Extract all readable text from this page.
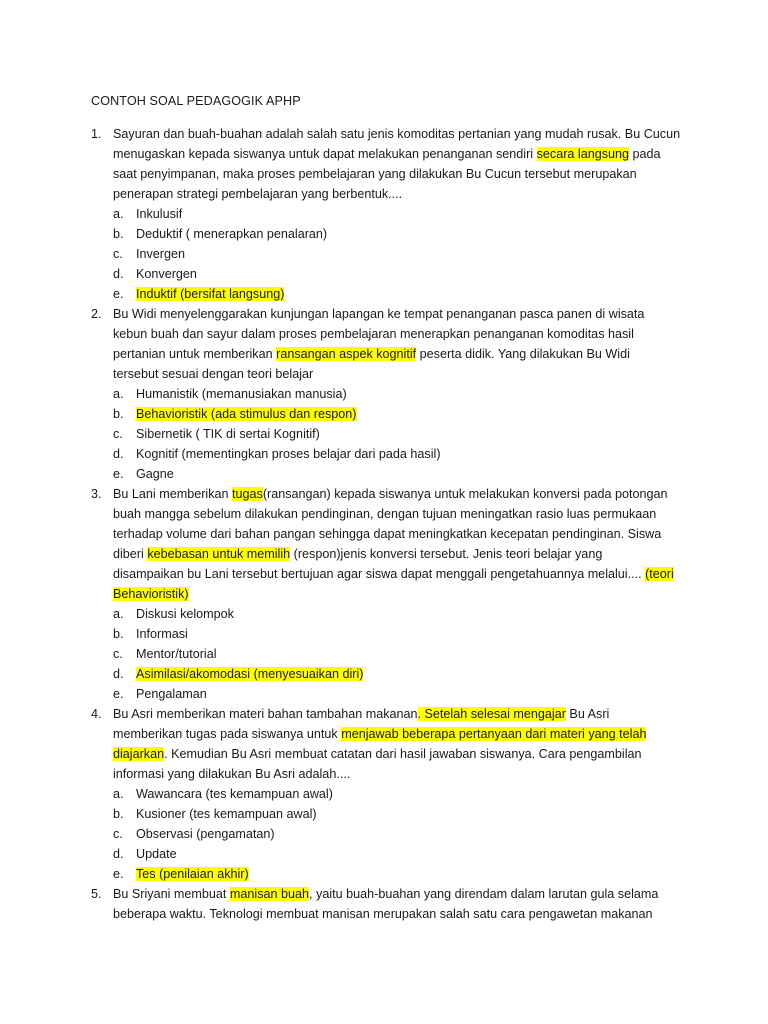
CONTOH SOAL PEDAGOGIK APHP
1. Sayuran dan buah-buahan adalah salah satu jenis komoditas pertanian yang mudah rusak. Bu Cucun
menugaskan kepada siswanya untuk dapat melakukan penanganan sendiri secara langsung pada
saat penyimpanan, maka proses pembelajaran yang dilakukan Bu Cucun tersebut merupakan
penerapan strategi pembelajaran yang berbentuk....
a. Inkulusif
b. Deduktif ( menerapkan penalaran)
c. Invergen
d. Konvergen
e. Induktif (bersifat langsung)
2. Bu Widi menyelenggarakan kunjungan lapangan ke tempat penanganan pasca panen di wisata
kebun buah dan sayur dalam proses pembelajaran menerapkan penanganan komoditas hasil
pertanian untuk memberikan ransangan aspek kognitif peserta didik. Yang dilakukan Bu Widi
tersebut sesuai dengan teori belajar
a. Humanistik (memanusiakan manusia)
b. Behavioristik (ada stimulus dan respon)
c. Sibernetik ( TIK di sertai Kognitif)
d. Kognitif (mementingkan proses belajar dari pada hasil)
e. Gagne
3. Bu Lani memberikan tugas(ransangan) kepada siswanya untuk melakukan konversi pada potongan
buah mangga sebelum dilakukan pendinginan, dengan tujuan meningatkan rasio luas permukaan
terhadap volume dari bahan pangan sehingga dapat meningkatkan kecepatan pendinginan. Siswa
diberi kebebasan untuk memilih (respon)jenis konversi tersebut. Jenis teori belajar yang
disampaikan bu Lani tersebut bertujuan agar siswa dapat menggali pengetahuannya melalui.... (teori
Behavioristik)
a. Diskusi kelompok
b. Informasi
c. Mentor/tutorial
d. Asimilasi/akomodasi (menyesuaikan diri)
e. Pengalaman
4. Bu Asri memberikan materi bahan tambahan makanan. Setelah selesai mengajar Bu Asri
memberikan tugas pada siswanya untuk menjawab beberapa pertanyaan dari materi yang telah
diajarkan. Kemudian Bu Asri membuat catatan dari hasil jawaban siswanya. Cara pengambilan
informasi yang dilakukan Bu Asri adalah....
a. Wawancara (tes kemampuan awal)
b. Kusioner (tes kemampuan awal)
c. Observasi (pengamatan)
d. Update
e. Tes (penilaian akhir)
5. Bu Sriyani membuat manisan buah, yaitu buah-buahan yang direndam dalam larutan gula selama
beberapa waktu. Teknologi membuat manisan merupakan salah satu cara pengawetan makanan
